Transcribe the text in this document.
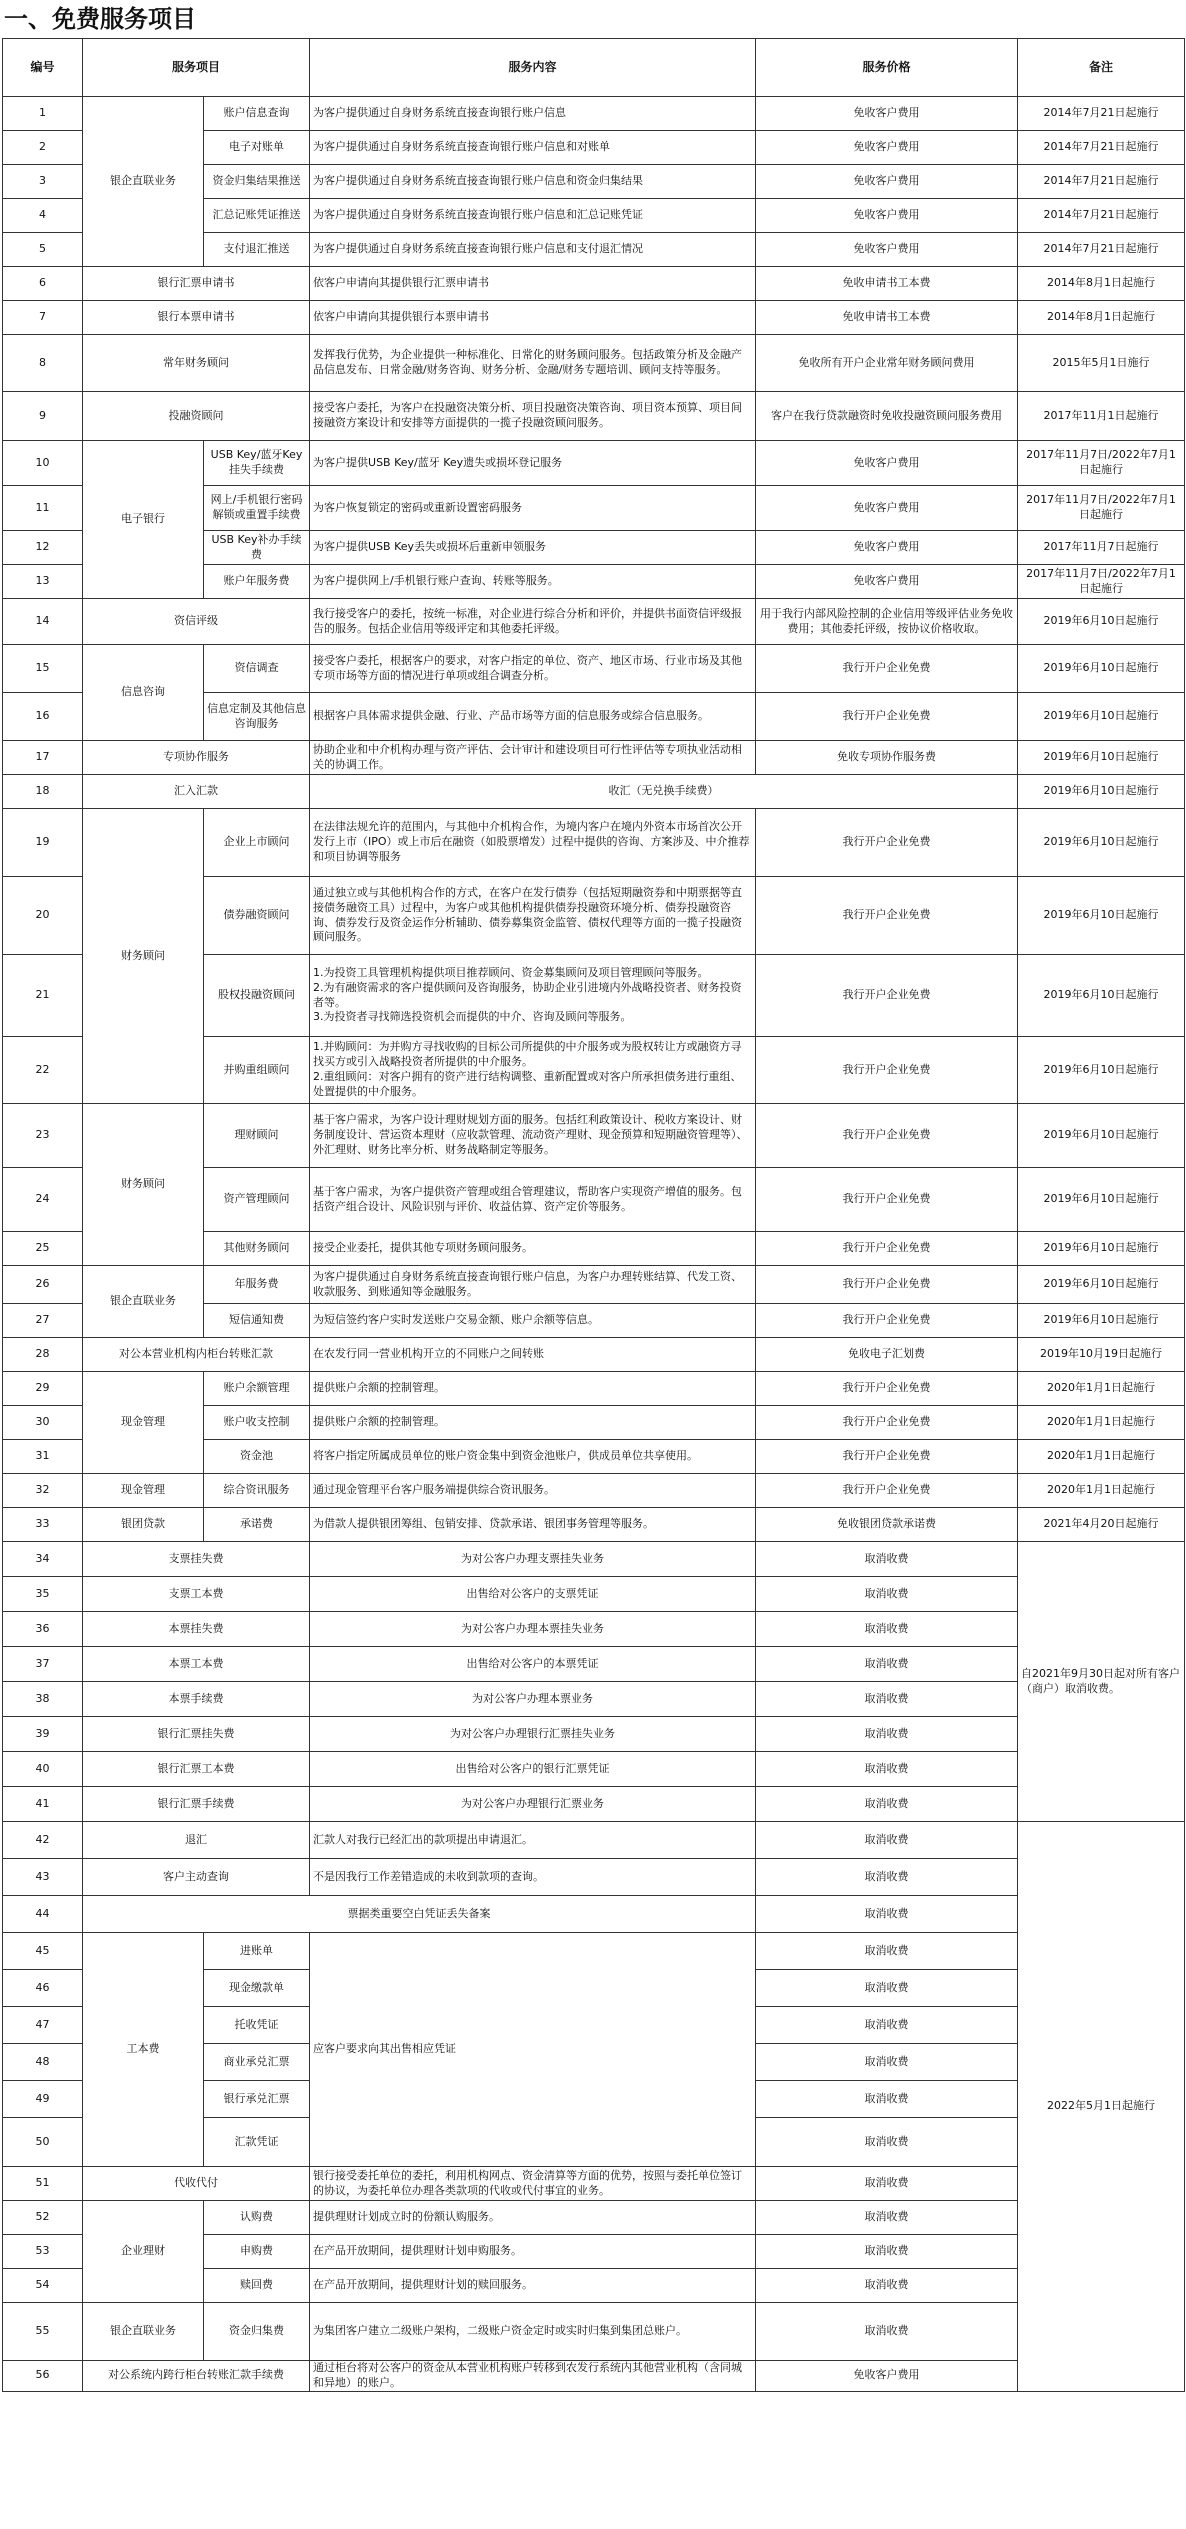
一、免费服务项目
编号	服务项目		服务内容	服务价格	备注
1	银企直联业务	账户信息查询	为客户提供通过自身财务系统直接查询银行账户信息	免收客户费用	2014年7月21日起施行
2		电子对账单	为客户提供通过自身财务系统直接查询银行账户信息和对账单	免收客户费用	2014年7月21日起施行
3		资金归集结果推送	为客户提供通过自身财务系统直接查询银行账户信息和资金归集结果	免收客户费用	2014年7月21日起施行
4		汇总记账凭证推送	为客户提供通过自身财务系统直接查询银行账户信息和汇总记账凭证	免收客户费用	2014年7月21日起施行
5		支付退汇推送	为客户提供通过自身财务系统直接查询银行账户信息和支付退汇情况	免收客户费用	2014年7月21日起施行
6	银行汇票申请书		依客户申请向其提供银行汇票申请书	免收申请书工本费	2014年8月1日起施行
7	银行本票申请书		依客户申请向其提供银行本票申请书	免收申请书工本费	2014年8月1日起施行
8	常年财务顾问		发挥我行优势，为企业提供一种标准化、日常化的财务顾问服务。包括政策分析及金融产品信息发布、日常金融/财务咨询、财务分析、金融/财务专题培训、顾问支持等服务。	免收所有开户企业常年财务顾问费用	2015年5月1日施行
9	投融资顾问		接受客户委托，为客户在投融资决策分析、项目投融资决策咨询、项目资本预算、项目间接融资方案设计和安排等方面提供的一揽子投融资顾问服务。	客户在我行贷款融资时免收投融资顾问服务费用	2017年11月1日起施行
10	电子银行	USB Key/蓝牙Key挂失手续费	为客户提供USB Key/蓝牙 Key遗失或损坏登记服务	免收客户费用	2017年11月7日/2022年7月1日起施行
11		网上/手机银行密码解锁或重置手续费	为客户恢复锁定的密码或重新设置密码服务	免收客户费用	2017年11月7日/2022年7月1日起施行
12		USB Key补办手续费	为客户提供USB Key丢失或损坏后重新申领服务	免收客户费用	2017年11月7日起施行
13		账户年服务费	为客户提供网上/手机银行账户查询、转账等服务。	免收客户费用	2017年11月7日/2022年7月1日起施行
14	资信评级		我行接受客户的委托，按统一标准，对企业进行综合分析和评价，并提供书面资信评级报告的服务。包括企业信用等级评定和其他委托评级。	用于我行内部风险控制的企业信用等级评估业务免收费用；其他委托评级，按协议价格收取。	2019年6月10日起施行
15	信息咨询	资信调查	接受客户委托，根据客户的要求，对客户指定的单位、资产、地区市场、行业市场及其他专项市场等方面的情况进行单项或组合调查分析。	我行开户企业免费	2019年6月10日起施行
16		信息定制及其他信息咨询服务	根据客户具体需求提供金融、行业、产品市场等方面的信息服务或综合信息服务。	我行开户企业免费	2019年6月10日起施行
17	专项协作服务		协助企业和中介机构办理与资产评估、会计审计和建设项目可行性评估等专项执业活动相关的协调工作。	免收专项协作服务费	2019年6月10日起施行
18	汇入汇款		收汇（无兑换手续费）		2019年6月10日起施行
19	财务顾问	企业上市顾问	在法律法规允许的范围内，与其他中介机构合作，为境内客户在境内外资本市场首次公开发行上市（IPO）或上市后在融资（如股票增发）过程中提供的咨询、方案涉及、中介推荐和项目协调等服务	我行开户企业免费	2019年6月10日起施行
20		债券融资顾问	通过独立或与其他机构合作的方式，在客户在发行债券（包括短期融资券和中期票据等直接债务融资工具）过程中，为客户或其他机构提供债券投融资环境分析、债券投融资咨询、债券发行及资金运作分析辅助、债券募集资金监管、债权代理等方面的一揽子投融资顾问服务。	我行开户企业免费	2019年6月10日起施行
21		股权投融资顾问	1.为投资工具管理机构提供项目推荐顾问、资金募集顾问及项目管理顾问等服务。
2.为有融资需求的客户提供顾问及咨询服务，协助企业引进境内外战略投资者、财务投资者等。
3.为投资者寻找筛选投资机会而提供的中介、咨询及顾问等服务。	我行开户企业免费	2019年6月10日起施行
22		并购重组顾问	1.并购顾问：为并购方寻找收购的目标公司所提供的中介服务或为股权转让方或融资方寻找买方或引入战略投资者所提供的中介服务。
2.重组顾问：对客户拥有的资产进行结构调整、重新配置或对客户所承担债务进行重组、处置提供的中介服务。	我行开户企业免费	2019年6月10日起施行
23	财务顾问	理财顾问	基于客户需求，为客户设计理财规划方面的服务。包括红利政策设计、税收方案设计、财务制度设计、营运资本理财（应收款管理、流动资产理财、现金预算和短期融资管理等）、外汇理财、财务比率分析、财务战略制定等服务。	我行开户企业免费	2019年6月10日起施行
24		资产管理顾问	基于客户需求，为客户提供资产管理或组合管理建议，帮助客户实现资产增值的服务。包括资产组合设计、风险识别与评价、收益估算、资产定价等服务。	我行开户企业免费	2019年6月10日起施行
25		其他财务顾问	接受企业委托，提供其他专项财务顾问服务。	我行开户企业免费	2019年6月10日起施行
26	银企直联业务	年服务费	为客户提供通过自身财务系统直接查询银行账户信息，为客户办理转账结算、代发工资、收款服务、到账通知等金融服务。	我行开户企业免费	2019年6月10日起施行
27		短信通知费	为短信签约客户实时发送账户交易金额、账户余额等信息。	我行开户企业免费	2019年6月10日起施行
28	对公本营业机构内柜台转账汇款		在农发行同一营业机构开立的不同账户之间转账	免收电子汇划费	2019年10月19日起施行
29	现金管理	账户余额管理	提供账户余额的控制管理。	我行开户企业免费	2020年1月1日起施行
30		账户收支控制	提供账户余额的控制管理。	我行开户企业免费	2020年1月1日起施行
31		资金池	将客户指定所属成员单位的账户资金集中到资金池账户，供成员单位共享使用。	我行开户企业免费	2020年1月1日起施行
32	现金管理	综合资讯服务	通过现金管理平台客户服务端提供综合资讯服务。	我行开户企业免费	2020年1月1日起施行
33	银团贷款	承诺费	为借款人提供银团筹组、包销安排、贷款承诺、银团事务管理等服务。	免收银团贷款承诺费	2021年4月20日起施行
34	支票挂失费		为对公客户办理支票挂失业务	取消收费	自2021年9月30日起对所有客户（商户）取消收费。
35	支票工本费		出售给对公客户的支票凭证	取消收费	
36	本票挂失费		为对公客户办理本票挂失业务	取消收费	
37	本票工本费		出售给对公客户的本票凭证	取消收费	
38	本票手续费		为对公客户办理本票业务	取消收费	
39	银行汇票挂失费		为对公客户办理银行汇票挂失业务	取消收费	
40	银行汇票工本费		出售给对公客户的银行汇票凭证	取消收费	
41	银行汇票手续费		为对公客户办理银行汇票业务	取消收费	
42	退汇		汇款人对我行已经汇出的款项提出申请退汇。	取消收费	2022年5月1日起施行
43	客户主动查询		不是因我行工作差错造成的未收到款项的查询。	取消收费	
44	票据类重要空白凭证丢失备案			取消收费	
45	工本费	进账单	应客户要求向其出售相应凭证	取消收费	
46		现金缴款单		取消收费	
47		托收凭证		取消收费	
48		商业承兑汇票		取消收费	
49		银行承兑汇票		取消收费	
50		汇款凭证		取消收费	
51	代收代付		银行接受委托单位的委托，利用机构网点、资金清算等方面的优势，按照与委托单位签订的协议，为委托单位办理各类款项的代收或代付事宜的业务。	取消收费	
52	企业理财	认购费	提供理财计划成立时的份额认购服务。	取消收费	
53		申购费	在产品开放期间，提供理财计划申购服务。	取消收费	
54		赎回费	在产品开放期间，提供理财计划的赎回服务。	取消收费	
55	银企直联业务	资金归集费	为集团客户建立二级账户架构，二级账户资金定时或实时归集到集团总账户。	取消收费	
56	对公系统内跨行柜台转账汇款手续费		通过柜台将对公客户的资金从本营业机构账户转移到农发行系统内其他营业机构（含同城和异地）的账户。	免收客户费用	
